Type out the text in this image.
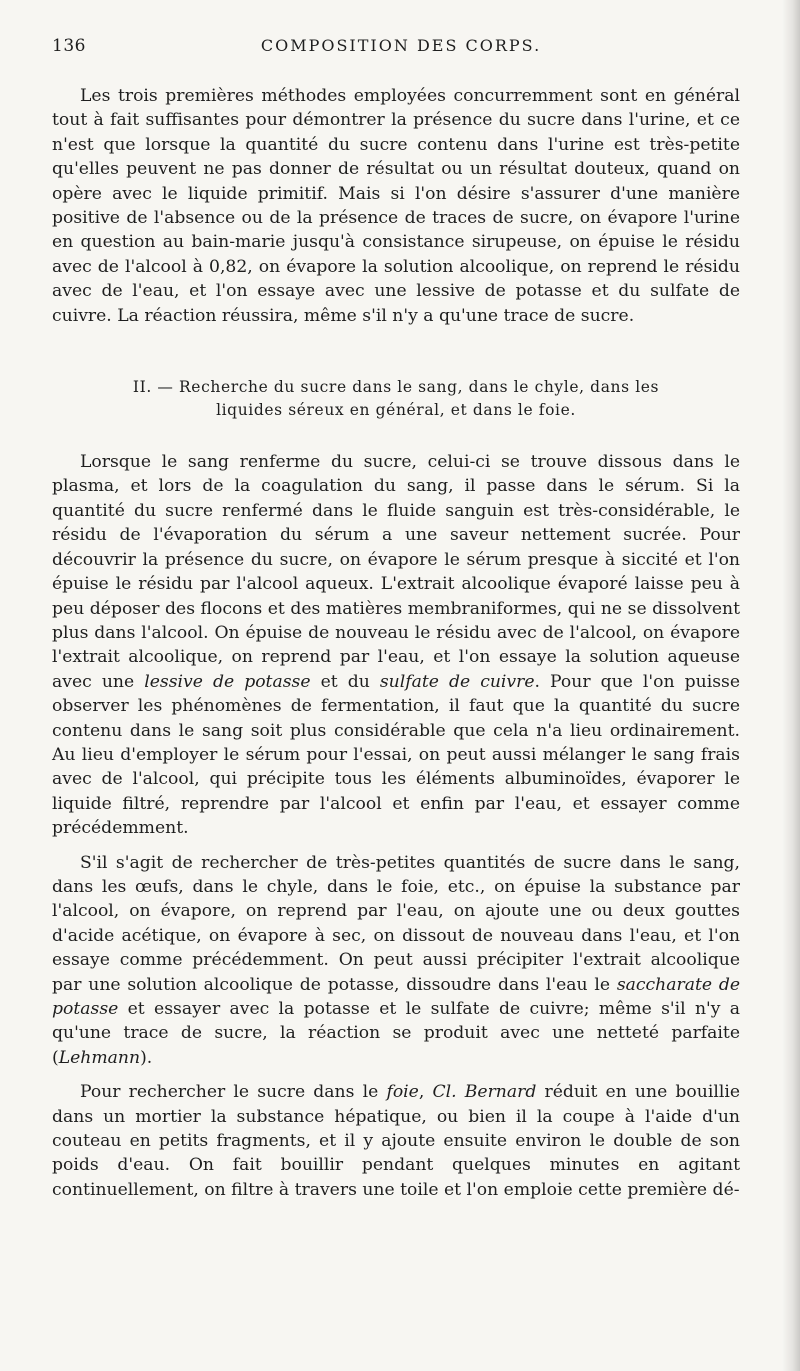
136	COMPOSITION DES CORPS.

Les trois premières méthodes employées concurremment sont en général tout à fait suffisantes pour démontrer la présence du sucre dans l'urine, et ce n'est que lorsque la quantité du sucre contenu dans l'urine est très-petite qu'elles peuvent ne pas donner de résultat ou un résultat douteux, quand on opère avec le liquide primitif. Mais si l'on désire s'assurer d'une manière positive de l'absence ou de la présence de traces de sucre, on évapore l'urine en question au bain-marie jusqu'à consistance sirupeuse, on épuise le résidu avec de l'alcool à 0,82, on évapore la solution alcoolique, on reprend le résidu avec de l'eau, et l'on essaye avec une lessive de potasse et du sulfate de cuivre. La réaction réussira, même s'il n'y a qu'une trace de sucre.

II. — Recherche du sucre dans le sang, dans le chyle, dans les
liquides séreux en général, et dans le foie.

Lorsque le sang renferme du sucre, celui-ci se trouve dissous dans le plasma, et lors de la coagulation du sang, il passe dans le sérum. Si la quantité du sucre renfermé dans le fluide sanguin est très-considérable, le résidu de l'évaporation du sérum a une saveur nettement sucrée. Pour découvrir la présence du sucre, on évapore le sérum presque à siccité et l'on épuise le résidu par l'alcool aqueux. L'extrait alcoolique évaporé laisse peu à peu déposer des flocons et des matières membraniformes, qui ne se dissolvent plus dans l'alcool. On épuise de nouveau le résidu avec de l'alcool, on évapore l'extrait alcoolique, on reprend par l'eau, et l'on essaye la solution aqueuse avec une lessive de potasse et du sulfate de cuivre. Pour que l'on puisse observer les phénomènes de fermentation, il faut que la quantité du sucre contenu dans le sang soit plus considérable que cela n'a lieu ordinairement. Au lieu d'employer le sérum pour l'essai, on peut aussi mélanger le sang frais avec de l'alcool, qui précipite tous les éléments albuminoïdes, évaporer le liquide filtré, reprendre par l'alcool et enfin par l'eau, et essayer comme précédemment.

S'il s'agit de rechercher de très-petites quantités de sucre dans le sang, dans les œufs, dans le chyle, dans le foie, etc., on épuise la substance par l'alcool, on évapore, on reprend par l'eau, on ajoute une ou deux gouttes d'acide acétique, on évapore à sec, on dissout de nouveau dans l'eau, et l'on essaye comme précédemment. On peut aussi précipiter l'extrait alcoolique par une solution alcoolique de potasse, dissoudre dans l'eau le saccharate de potasse et essayer avec la potasse et le sulfate de cuivre; même s'il n'y a qu'une trace de sucre, la réaction se produit avec une netteté parfaite (Lehmann).

Pour rechercher le sucre dans le foie, Cl. Bernard réduit en une bouillie dans un mortier la substance hépatique, ou bien il la coupe à l'aide d'un couteau en petits fragments, et il y ajoute ensuite environ le double de son poids d'eau. On fait bouillir pendant quelques minutes en agitant continuellement, on filtre à travers une toile et l'on emploie cette première dé-
